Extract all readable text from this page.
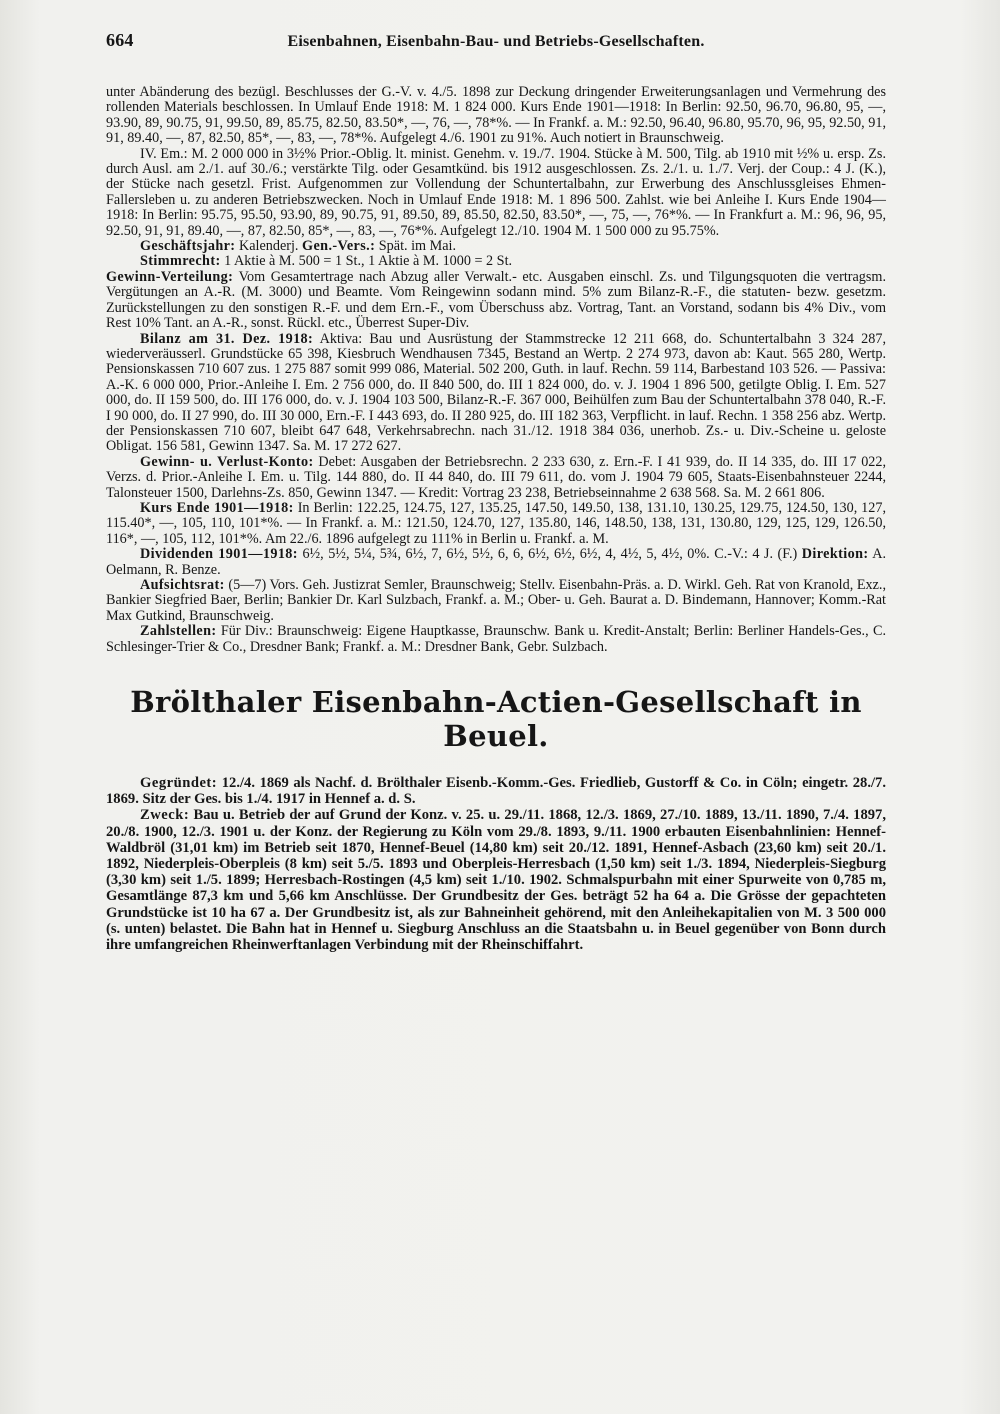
664	Eisenbahnen, Eisenbahn-Bau- und Betriebs-Gesellschaften.

unter Abänderung des bezügl. Beschlusses der G.-V. v. 4./5. 1898 zur Deckung dringender Erweiterungsanlagen und Vermehrung des rollenden Materials beschlossen. In Umlauf Ende 1918: M. 1 824 000. Kurs Ende 1901—1918: In Berlin: 92.50, 96.70, 96.80, 95, —, 93.90, 89, 90.75, 91, 99.50, 89, 85.75, 82.50, 83.50*, —, 76, —, 78*%. — In Frankf. a. M.: 92.50, 96.40, 96.80, 95.70, 96, 95, 92.50, 91, 91, 89.40, —, 87, 82.50, 85*, —, 83, —, 78*%. Aufgelegt 4./6. 1901 zu 91%. Auch notiert in Braunschweig.

IV. Em.: M. 2 000 000 in 3½% Prior.-Oblig. lt. minist. Genehm. v. 19./7. 1904. Stücke à M. 500, Tilg. ab 1910 mit ½% u. ersp. Zs. durch Ausl. am 2./1. auf 30./6.; verstärkte Tilg. oder Gesamtkünd. bis 1912 ausgeschlossen. Zs. 2./1. u. 1./7. Verj. der Coup.: 4 J. (K.), der Stücke nach gesetzl. Frist. Aufgenommen zur Vollendung der Schuntertalbahn, zur Erwerbung des Anschlussgleises Ehmen-Fallersleben u. zu anderen Betriebszwecken. Noch in Umlauf Ende 1918: M. 1 896 500. Zahlst. wie bei Anleihe I. Kurs Ende 1904—1918: In Berlin: 95.75, 95.50, 93.90, 89, 90.75, 91, 89.50, 89, 85.50, 82.50, 83.50*, —, 75, —, 76*%. — In Frankfurt a. M.: 96, 96, 95, 92.50, 91, 91, 89.40, —, 87, 82.50, 85*, —, 83, —, 76*%. Aufgelegt 12./10. 1904 M. 1 500 000 zu 95.75%.

Geschäftsjahr: Kalenderj. Gen.-Vers.: Spät. im Mai.

Stimmrecht: 1 Aktie à M. 500 = 1 St., 1 Aktie à M. 1000 = 2 St.

Gewinn-Verteilung: Vom Gesamtertrage nach Abzug aller Verwalt.- etc. Ausgaben einschl. Zs. und Tilgungsquoten die vertragsm. Vergütungen an A.-R. (M. 3000) und Beamte. Vom Reingewinn sodann mind. 5% zum Bilanz-R.-F., die statuten- bezw. gesetzm. Zurückstellungen zu den sonstigen R.-F. und dem Ern.-F., vom Überschuss abz. Vortrag, Tant. an Vorstand, sodann bis 4% Div., vom Rest 10% Tant. an A.-R., sonst. Rückl. etc., Überrest Super-Div.

Bilanz am 31. Dez. 1918: Aktiva: Bau und Ausrüstung der Stammstrecke 12 211 668, do. Schuntertalbahn 3 324 287, wiederveräusserl. Grundstücke 65 398, Kiesbruch Wendhausen 7345, Bestand an Wertp. 2 274 973, davon ab: Kaut. 565 280, Wertp. Pensionskassen 710 607 zus. 1 275 887 somit 999 086, Material. 502 200, Guth. in lauf. Rechn. 59 114, Barbestand 103 526. — Passiva: A.-K. 6 000 000, Prior.-Anleihe I. Em. 2 756 000, do. II 840 500, do. III 1 824 000, do. v. J. 1904 1 896 500, getilgte Oblig. I. Em. 527 000, do. II 159 500, do. III 176 000, do. v. J. 1904 103 500, Bilanz-R.-F. 367 000, Beihülfen zum Bau der Schuntertalbahn 378 040, R.-F. I 90 000, do. II 27 990, do. III 30 000, Ern.-F. I 443 693, do. II 280 925, do. III 182 363, Verpflicht. in lauf. Rechn. 1 358 256 abz. Wertp. der Pensionskassen 710 607, bleibt 647 648, Verkehrsabrechn. nach 31./12. 1918 384 036, unerhob. Zs.- u. Div.-Scheine u. geloste Obligat. 156 581, Gewinn 1347. Sa. M. 17 272 627.

Gewinn- u. Verlust-Konto: Debet: Ausgaben der Betriebsrechn. 2 233 630, z. Ern.-F. I 41 939, do. II 14 335, do. III 17 022, Verzs. d. Prior.-Anleihe I. Em. u. Tilg. 144 880, do. II 44 840, do. III 79 611, do. vom J. 1904 79 605, Staats-Eisenbahnsteuer 2244, Talonsteuer 1500, Darlehns-Zs. 850, Gewinn 1347. — Kredit: Vortrag 23 238, Betriebseinnahme 2 638 568. Sa. M. 2 661 806.

Kurs Ende 1901—1918: In Berlin: 122.25, 124.75, 127, 135.25, 147.50, 149.50, 138, 131.10, 130.25, 129.75, 124.50, 130, 127, 115.40*, —, 105, 110, 101*%. — In Frankf. a. M.: 121.50, 124.70, 127, 135.80, 146, 148.50, 138, 131, 130.80, 129, 125, 129, 126.50, 116*, —, 105, 112, 101*%. Am 22./6. 1896 aufgelegt zu 111% in Berlin u. Frankf. a. M.

Dividenden 1901—1918: 6½, 5½, 5¼, 5¾, 6½, 7, 6½, 5½, 6, 6, 6½, 6½, 6½, 4, 4½, 5, 4½, 0%. C.-V.: 4 J. (F.) Direktion: A. Oelmann, R. Benze.

Aufsichtsrat: (5—7) Vors. Geh. Justizrat Semler, Braunschweig; Stellv. Eisenbahn-Präs. a. D. Wirkl. Geh. Rat von Kranold, Exz., Bankier Siegfried Baer, Berlin; Bankier Dr. Karl Sulzbach, Frankf. a. M.; Ober- u. Geh. Baurat a. D. Bindemann, Hannover; Komm.-Rat Max Gutkind, Braunschweig.

Zahlstellen: Für Div.: Braunschweig: Eigene Hauptkasse, Braunschw. Bank u. Kredit-Anstalt; Berlin: Berliner Handels-Ges., C. Schlesinger-Trier & Co., Dresdner Bank; Frankf. a. M.: Dresdner Bank, Gebr. Sulzbach.

Brölthaler Eisenbahn-Actien-Gesellschaft in Beuel.

Gegründet: 12./4. 1869 als Nachf. d. Brölthaler Eisenb.-Komm.-Ges. Friedlieb, Gustorff & Co. in Cöln; eingetr. 28./7. 1869. Sitz der Ges. bis 1./4. 1917 in Hennef a. d. S.

Zweck: Bau u. Betrieb der auf Grund der Konz. v. 25. u. 29./11. 1868, 12./3. 1869, 27./10. 1889, 13./11. 1890, 7./4. 1897, 20./8. 1900, 12./3. 1901 u. der Konz. der Regierung zu Köln vom 29./8. 1893, 9./11. 1900 erbauten Eisenbahnlinien: Hennef-Waldbröl (31,01 km) im Betrieb seit 1870, Hennef-Beuel (14,80 km) seit 20./12. 1891, Hennef-Asbach (23,60 km) seit 20./1. 1892, Niederpleis-Oberpleis (8 km) seit 5./5. 1893 und Oberpleis-Herresbach (1,50 km) seit 1./3. 1894, Niederpleis-Siegburg (3,30 km) seit 1./5. 1899; Herresbach-Rostingen (4,5 km) seit 1./10. 1902. Schmalspurbahn mit einer Spurweite von 0,785 m, Gesamtlänge 87,3 km und 5,66 km Anschlüsse. Der Grundbesitz der Ges. beträgt 52 ha 64 a. Die Grösse der gepachteten Grundstücke ist 10 ha 67 a. Der Grundbesitz ist, als zur Bahneinheit gehörend, mit den Anleihekapitalien von M. 3 500 000 (s. unten) belastet. Die Bahn hat in Hennef u. Siegburg Anschluss an die Staatsbahn u. in Beuel gegenüber von Bonn durch ihre umfangreichen Rheinwerftanlagen Verbindung mit der Rheinschiffahrt.
